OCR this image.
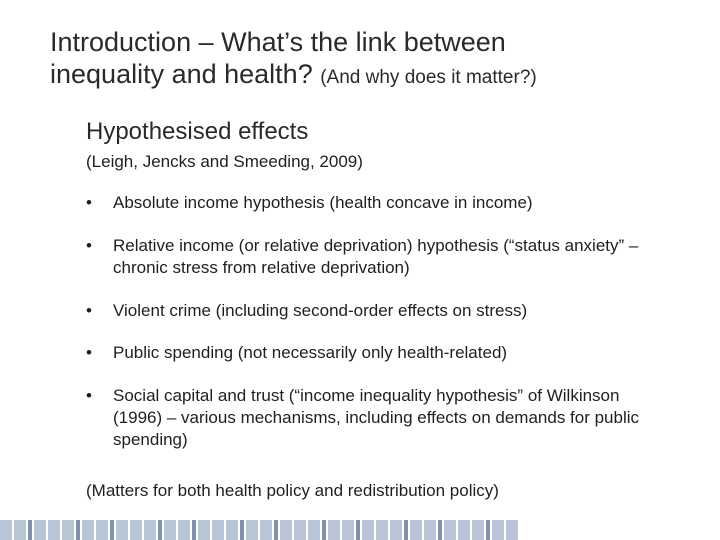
Introduction – What’s the link between
inequality and health? (And why does it matter?)
Hypothesised effects
(Leigh, Jencks and Smeeding, 2009)
• Absolute income hypothesis (health concave in income)
• Relative income (or relative deprivation) hypothesis (“status anxiety” – chronic stress from relative deprivation)
• Violent crime (including second-order effects on stress)
• Public spending (not necessarily only health-related)
• Social capital and trust (“income inequality hypothesis” of Wilkinson (1996) – various mechanisms, including effects on demands for public spending)
(Matters for both health policy and redistribution policy)
